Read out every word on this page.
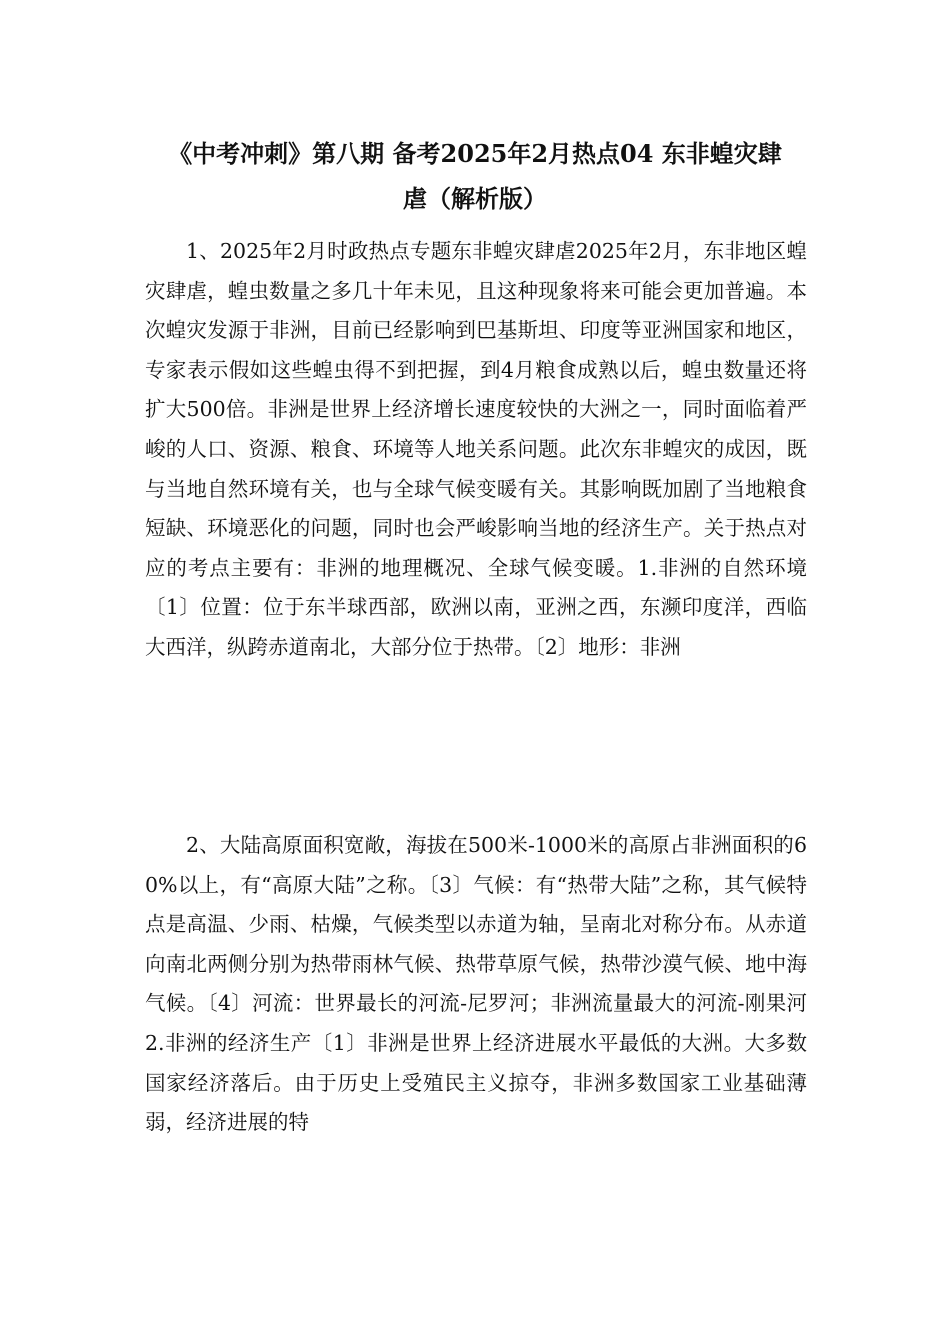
《中考冲刺》第八期 备考2025年2月热点04 东非蝗灾肆
虐（解析版）

1、2025年2月时政热点专题东非蝗灾肆虐2025年2月，东非地区蝗灾肆虐，蝗虫数量之多几十年未见，且这种现象将来可能会更加普遍。本次蝗灾发源于非洲，目前已经影响到巴基斯坦、印度等亚洲国家和地区，专家表示假如这些蝗虫得不到把握，到4月粮食成熟以后，蝗虫数量还将扩大500倍。非洲是世界上经济增长速度较快的大洲之一，同时面临着严峻的人口、资源、粮食、环境等人地关系问题。此次东非蝗灾的成因，既与当地自然环境有关，也与全球气候变暖有关。其影响既加剧了当地粮食短缺、环境恶化的问题，同时也会严峻影响当地的经济生产。关于热点对应的考点主要有：非洲的地理概况、全球气候变暖。1.非洲的自然环境〔1〕位置：位于东半球西部，欧洲以南，亚洲之西，东濒印度洋，西临大西洋，纵跨赤道南北，大部分位于热带。〔2〕地形：非洲

2、大陆高原面积宽敞，海拔在500米-1000米的高原占非洲面积的60%以上，有“高原大陆”之称。〔3〕气候：有“热带大陆”之称，其气候特点是高温、少雨、枯燥，气候类型以赤道为轴，呈南北对称分布。从赤道向南北两侧分别为热带雨林气候、热带草原气候，热带沙漠气候、地中海气候。〔4〕河流：世界最长的河流-尼罗河；非洲流量最大的河流-刚果河2.非洲的经济生产〔1〕非洲是世界上经济进展水平最低的大洲。大多数国家经济落后。由于历史上受殖民主义掠夺，非洲多数国家工业基础薄弱，经济进展的特
